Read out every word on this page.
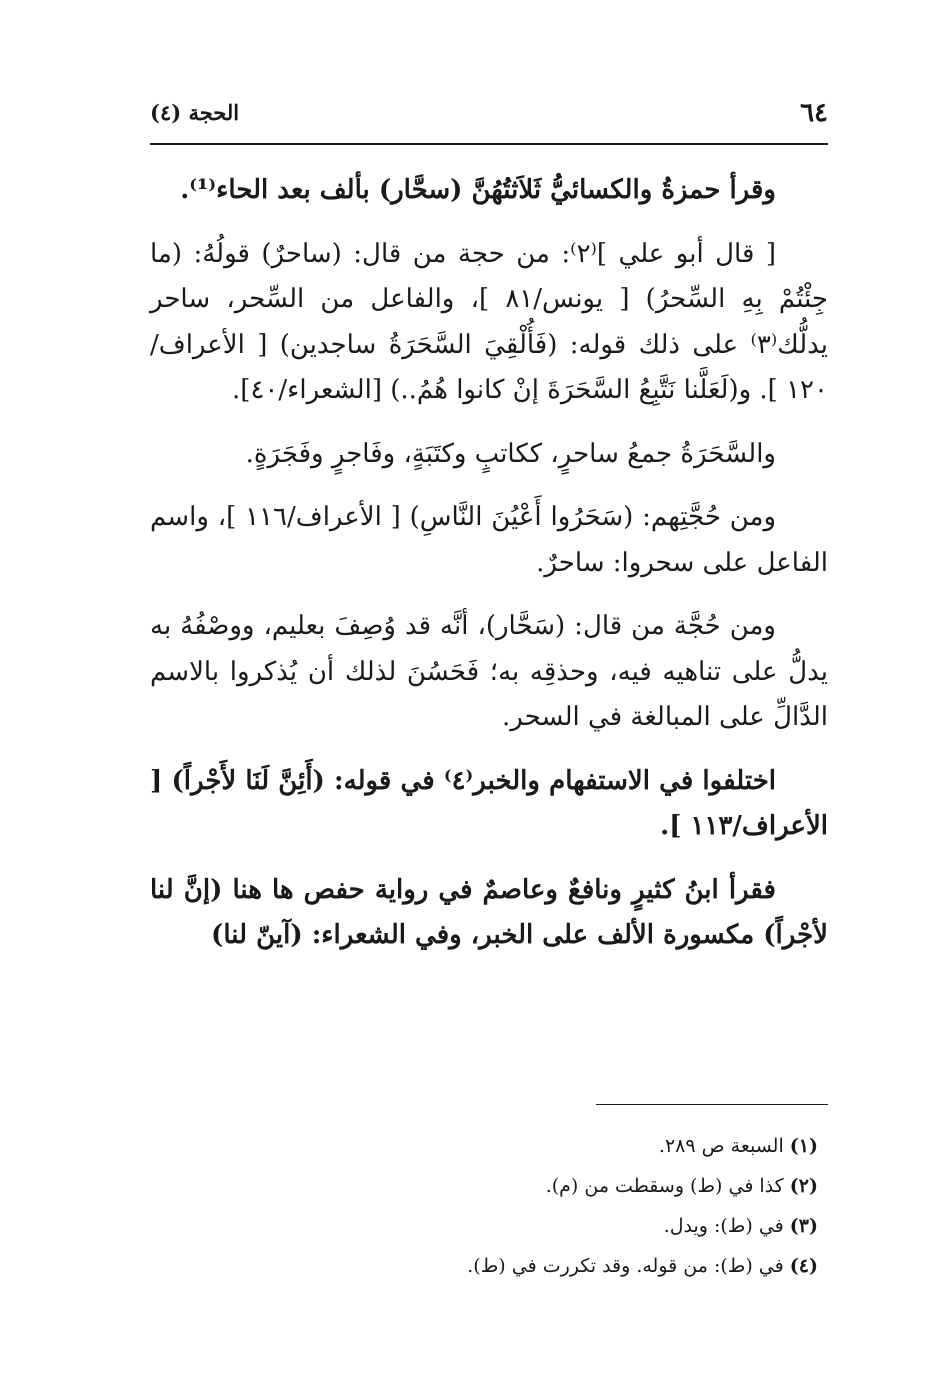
٦٤
الحجة (٤)

وقرأ حمزةُ والكسائيُّ ثَلاَثتُهُنَّ (سحَّار) بألف بعد الحاء⁽¹⁾.

[ قال أبو علي ]⁽٢⁾: من حجة من قال: (ساحرٌ) قولُهُ: (ما جِئْتُمْ بِهِ السِّحرُ) [ يونس/٨١ ]، والفاعل من السِّحر، ساحر يدلُّك⁽٣⁾ على ذلك قوله: (فَأُلْقِيَ السَّحَرَةُ ساجدين) [ الأعراف/١٢٠ ]. و(لَعَلَّنا نَتَّبِعُ السَّحَرَةَ إنْ كانوا هُمُ..) [الشعراء/٤٠].

والسَّحَرَةُ جمعُ ساحرٍ، ككاتبٍ وكتَبَةٍ، وفَاجرٍ وفَجَرَةٍ.

ومن حُجَّتِهم: (سَحَرُوا أَعْيُنَ النَّاسِ) [ الأعراف/١١٦ ]، واسم الفاعل على سحروا: ساحرٌ.

ومن حُجَّة من قال: (سَحَّار)، أنَّه قد وُصِفَ بعليم، ووصْفُهُ به يدلُّ على تناهيه فيه، وحذقِه به؛ فَحَسُنَ لذلك أن يُذكروا بالاسم الدَّالِّ على المبالغة في السحر.

اختلفوا في الاستفهام والخبر⁽٤⁾ في قوله: (أَئِنَّ لَنَا لأَجْراً) [ الأعراف/١١٣ ].

فقرأ ابنُ كثيرٍ ونافعٌ وعاصمٌ في رواية حفص ها هنا (إنَّ لنا لأجْراً) مكسورة الألف على الخبر، وفي الشعراء: (آينّ لنا)

(١) السبعة ص ٢٨٩.

(٢) كذا في (ط) وسقطت من (م).

(٣) في (ط): ويدل.

(٤) في (ط): من قوله. وقد تكررت في (ط).
